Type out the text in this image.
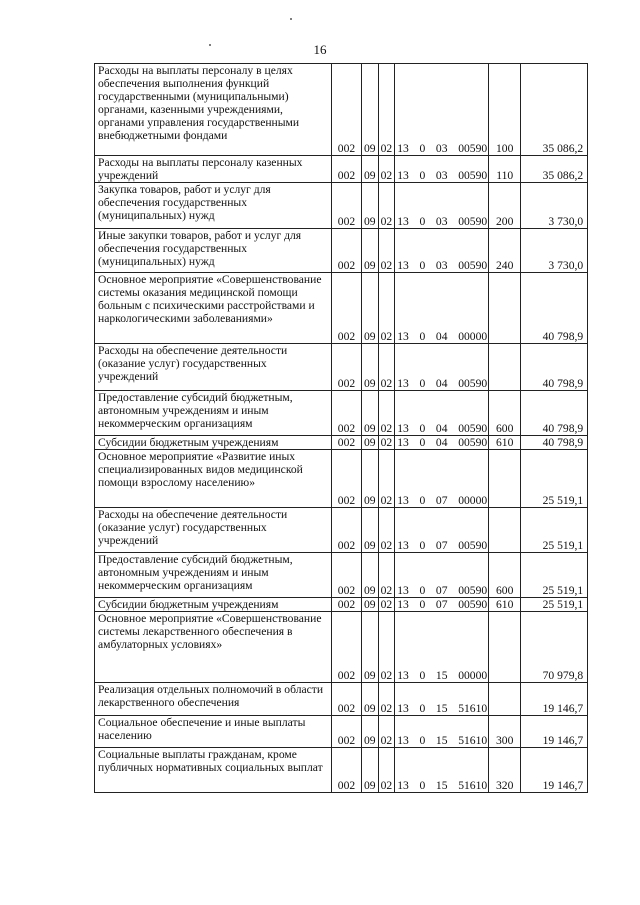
16
Расходы на выплаты персоналу в целях обеспечения выполнения функций государственными (муниципальными) органами, казенными учреждениями, органами управления государственными внебюджетными фондами	002	09	02	13 0 03 00590	100	35 086,2

Расходы на выплаты персоналу казенных учреждений	002	09	02	13 0 03 00590	110	35 086,2

Закупка товаров, работ и услуг для обеспечения государственных (муниципальных) нужд	002	09	02	13 0 03 00590	200	3 730,0

Иные закупки товаров, работ и услуг для обеспечения государственных (муниципальных) нужд	002	09	02	13 0 03 00590	240	3 730,0

Основное мероприятие «Совершенствование системы оказания медицинской помощи больным с психическими расстройствами и наркологическими заболеваниями»	002	09	02	13 0 04 00000		40 798,9

Расходы на обеспечение деятельности (оказание услуг) государственных учреждений	002	09	02	13 0 04 00590		40 798,9

Предоставление субсидий бюджетным, автономным учреждениям и иным некоммерческим организациям	002	09	02	13 0 04 00590	600	40 798,9

Субсидии бюджетным учреждениям	002	09	02	13 0 04 00590	610	40 798,9

Основное мероприятие «Развитие иных специализированных видов медицинской помощи взрослому населению»	002	09	02	13 0 07 00000		25 519,1

Расходы на обеспечение деятельности (оказание услуг) государственных учреждений	002	09	02	13 0 07 00590		25 519,1

Предоставление субсидий бюджетным, автономным учреждениям и иным некоммерческим организациям	002	09	02	13 0 07 00590	600	25 519,1

Субсидии бюджетным учреждениям	002	09	02	13 0 07 00590	610	25 519,1

Основное мероприятие «Совершенствование системы лекарственного обеспечения в амбулаторных условиях»	002	09	02	13 0 15 00000		70 979,8

Реализация отдельных полномочий в области лекарственного обеспечения	002	09	02	13 0 15 51610		19 146,7

Социальное обеспечение и иные выплаты населению	002	09	02	13 0 15 51610	300	19 146,7

Социальные выплаты гражданам, кроме публичных нормативных социальных выплат	002	09	02	13 0 15 51610	320	19 146,7
